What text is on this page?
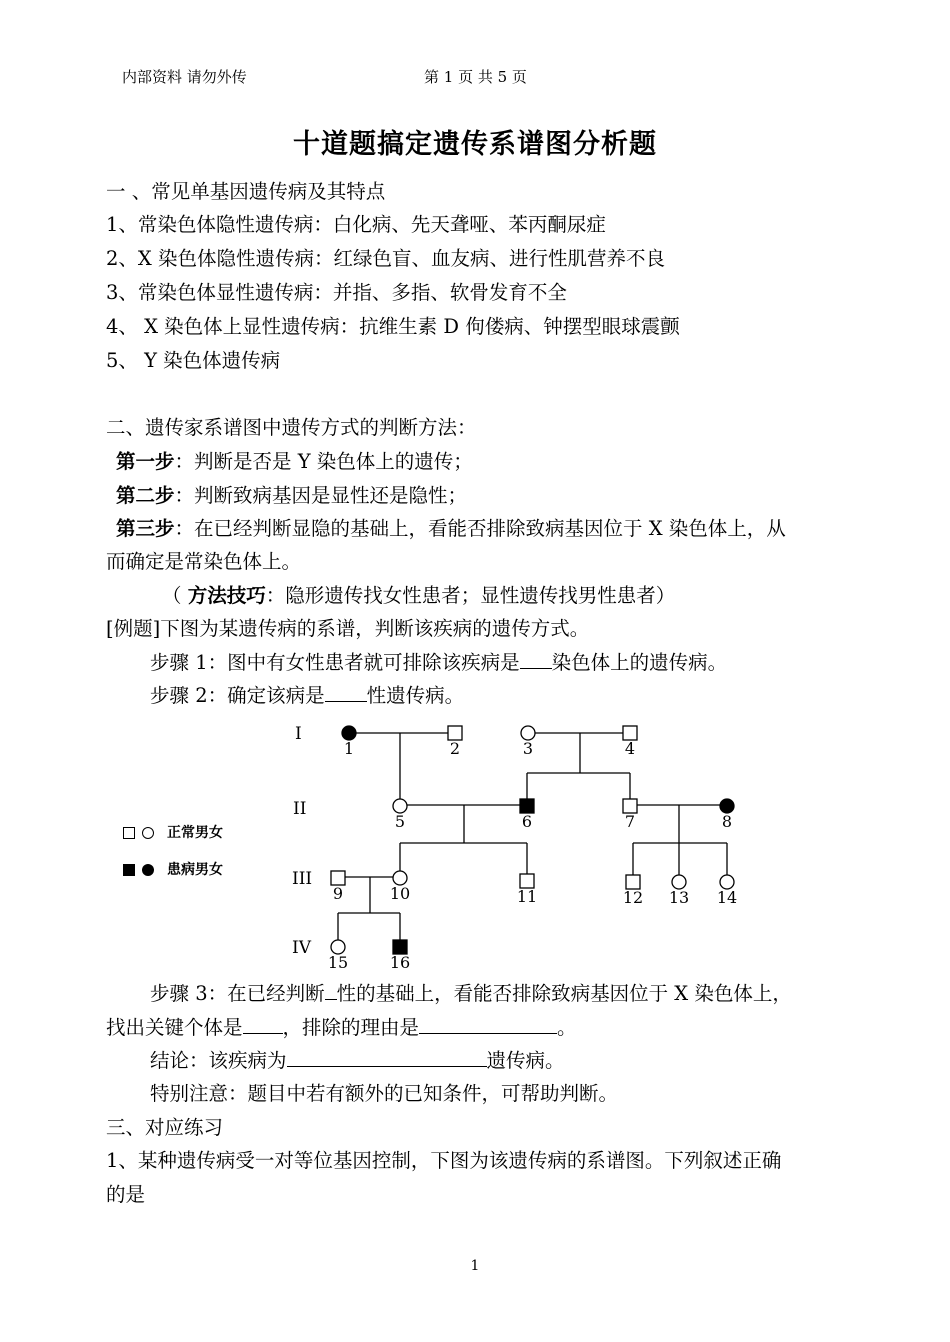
内部资料 请勿外传	第 1 页 共 5 页
十道题搞定遗传系谱图分析题
一 、常见单基因遗传病及其特点
1、常染色体隐性遗传病：白化病、先天聋哑、苯丙酮尿症
2、X 染色体隐性遗传病：红绿色盲、血友病、进行性肌营养不良
3、常染色体显性遗传病：并指、多指、软骨发育不全
4、 X 染色体上显性遗传病：抗维生素 D 佝偻病、钟摆型眼球震颤
5、 Y 染色体遗传病
二、遗传家系谱图中遗传方式的判断方法：
第一步：判断是否是 Y 染色体上的遗传；
第二步：判断致病基因是显性还是隐性；
第三步：在已经判断显隐的基础上，看能否排除致病基因位于 X 染色体上，从
而确定是常染色体上。
（ 方法技巧：隐形遗传找女性患者；显性遗传找男性患者）
[例题]下图为某遗传病的系谱，判断该疾病的遗传方式。
步骤 1：图中有女性患者就可排除该疾病是 染色体上的遗传病。
步骤 2：确定该病是 性遗传病。
正常男女
患病男女
I
II
III
IV
1	2	3	4
5	6	7	8
9	10	11	12 13 14
15	16
步骤 3：在已经判断 性的基础上，看能否排除致病基因位于 X 染色体上，
找出关键个体是 ，排除的理由是	。
结论：该疾病为	遗传病。
特别注意：题目中若有额外的已知条件，可帮助判断。
三、对应练习
1、某种遗传病受一对等位基因控制，下图为该遗传病的系谱图。下列叙述正确
的是
1
